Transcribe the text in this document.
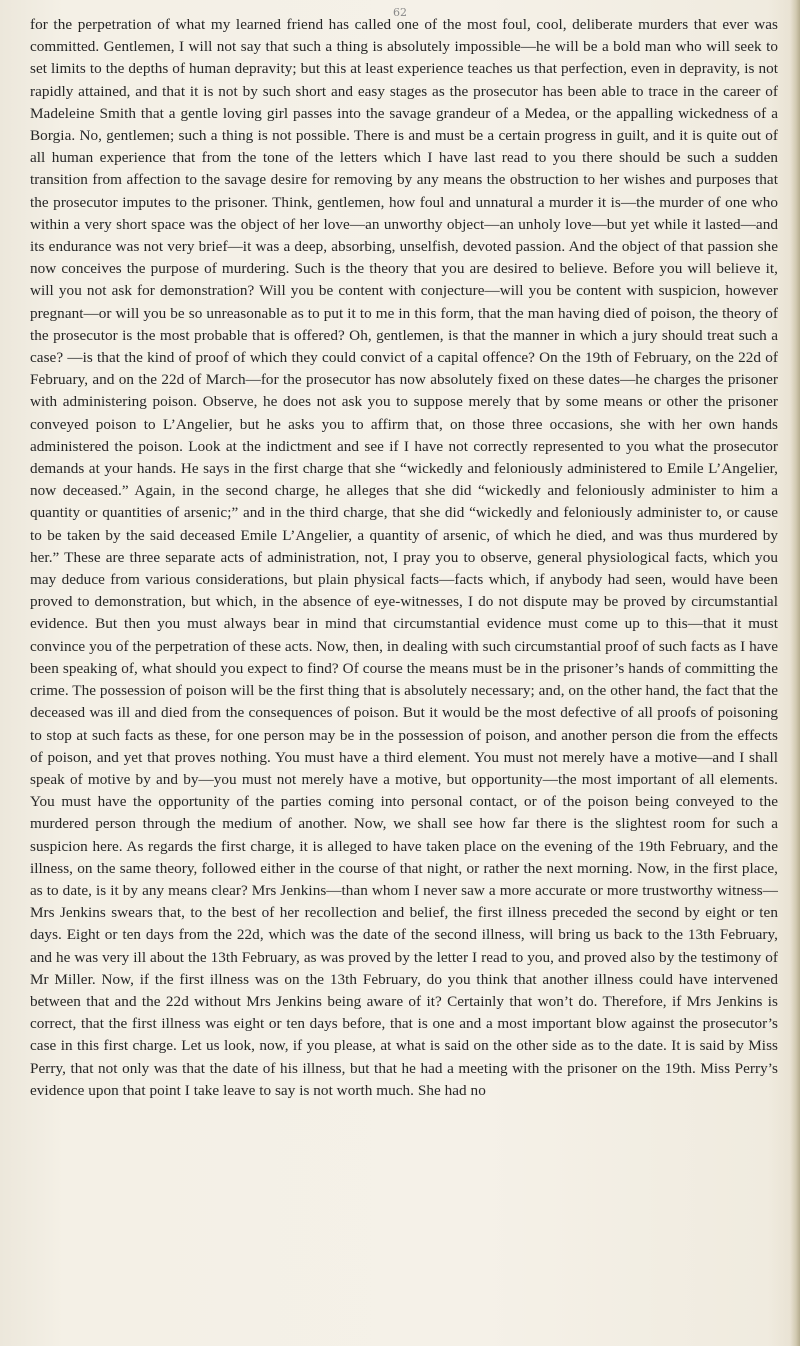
62

for the perpetration of what my learned friend has called one of the most foul, cool, deliberate murders that ever was committed. Gentlemen, I will not say that such a thing is absolutely impossible—he will be a bold man who will seek to set limits to the depths of human depravity; but this at least experience teaches us that perfection, even in depravity, is not rapidly attained, and that it is not by such short and easy stages as the prosecutor has been able to trace in the career of Madeleine Smith that a gentle loving girl passes into the savage grandeur of a Medea, or the appalling wickedness of a Borgia. No, gentlemen; such a thing is not possible. There is and must be a certain progress in guilt, and it is quite out of all human experience that from the tone of the letters which I have last read to you there should be such a sudden transition from affection to the savage desire for removing by any means the obstruction to her wishes and purposes that the prosecutor imputes to the prisoner. Think, gentlemen, how foul and unnatural a murder it is—the murder of one who within a very short space was the object of her love—an unworthy object—an unholy love—but yet while it lasted—and its endurance was not very brief—it was a deep, absorbing, unselfish, devoted passion. And the object of that passion she now conceives the purpose of murdering. Such is the theory that you are desired to believe. Before you will believe it, will you not ask for demonstration? Will you be content with conjecture—will you be content with suspicion, however pregnant—or will you be so unreasonable as to put it to me in this form, that the man having died of poison, the theory of the prosecutor is the most probable that is offered? Oh, gentlemen, is that the manner in which a jury should treat such a case? —is that the kind of proof of which they could convict of a capital offence? On the 19th of February, on the 22d of February, and on the 22d of March—for the prosecutor has now absolutely fixed on these dates—he charges the prisoner with administering poison. Observe, he does not ask you to suppose merely that by some means or other the prisoner conveyed poison to L’Angelier, but he asks you to affirm that, on those three occasions, she with her own hands administered the poison. Look at the indictment and see if I have not correctly represented to you what the prosecutor demands at your hands. He says in the first charge that she “wickedly and feloniously administered to Emile L’Angelier, now deceased.” Again, in the second charge, he alleges that she did “wickedly and feloniously administer to him a quantity or quantities of arsenic;” and in the third charge, that she did “wickedly and feloniously administer to, or cause to be taken by the said deceased Emile L’Angelier, a quantity of arsenic, of which he died, and was thus murdered by her.” These are three separate acts of administration, not, I pray you to observe, general physiological facts, which you may deduce from various considerations, but plain physical facts—facts which, if anybody had seen, would have been proved to demonstration, but which, in the absence of eye-witnesses, I do not dispute may be proved by circumstantial evidence. But then you must always bear in mind that circumstantial evidence must come up to this—that it must convince you of the perpetration of these acts. Now, then, in dealing with such circumstantial proof of such facts as I have been speaking of, what should you expect to find? Of course the means must be in the prisoner’s hands of committing the crime. The possession of poison will be the first thing that is absolutely necessary; and, on the other hand, the fact that the deceased was ill and died from the consequences of poison. But it would be the most defective of all proofs of poisoning to stop at such facts as these, for one person may be in the possession of poison, and another person die from the effects of poison, and yet that proves nothing. You must have a third element. You must not merely have a motive—and I shall speak of motive by and by—you must not merely have a motive, but opportunity—the most important of all elements. You must have the opportunity of the parties coming into personal contact, or of the poison being conveyed to the murdered person through the medium of another. Now, we shall see how far there is the slightest room for such a suspicion here. As regards the first charge, it is alleged to have taken place on the evening of the 19th February, and the illness, on the same theory, followed either in the course of that night, or rather the next morning. Now, in the first place, as to date, is it by any means clear? Mrs Jenkins—than whom I never saw a more accurate or more trustworthy witness—Mrs Jenkins swears that, to the best of her recollection and belief, the first illness preceded the second by eight or ten days. Eight or ten days from the 22d, which was the date of the second illness, will bring us back to the 13th February, and he was very ill about the 13th February, as was proved by the letter I read to you, and proved also by the testimony of Mr Miller. Now, if the first illness was on the 13th February, do you think that another illness could have intervened between that and the 22d without Mrs Jenkins being aware of it? Certainly that won’t do. Therefore, if Mrs Jenkins is correct, that the first illness was eight or ten days before, that is one and a most important blow against the prosecutor’s case in this first charge. Let us look, now, if you please, at what is said on the other side as to the date. It is said by Miss Perry, that not only was that the date of his illness, but that he had a meeting with the prisoner on the 19th. Miss Perry’s evidence upon that point I take leave to say is not worth much. She had no
